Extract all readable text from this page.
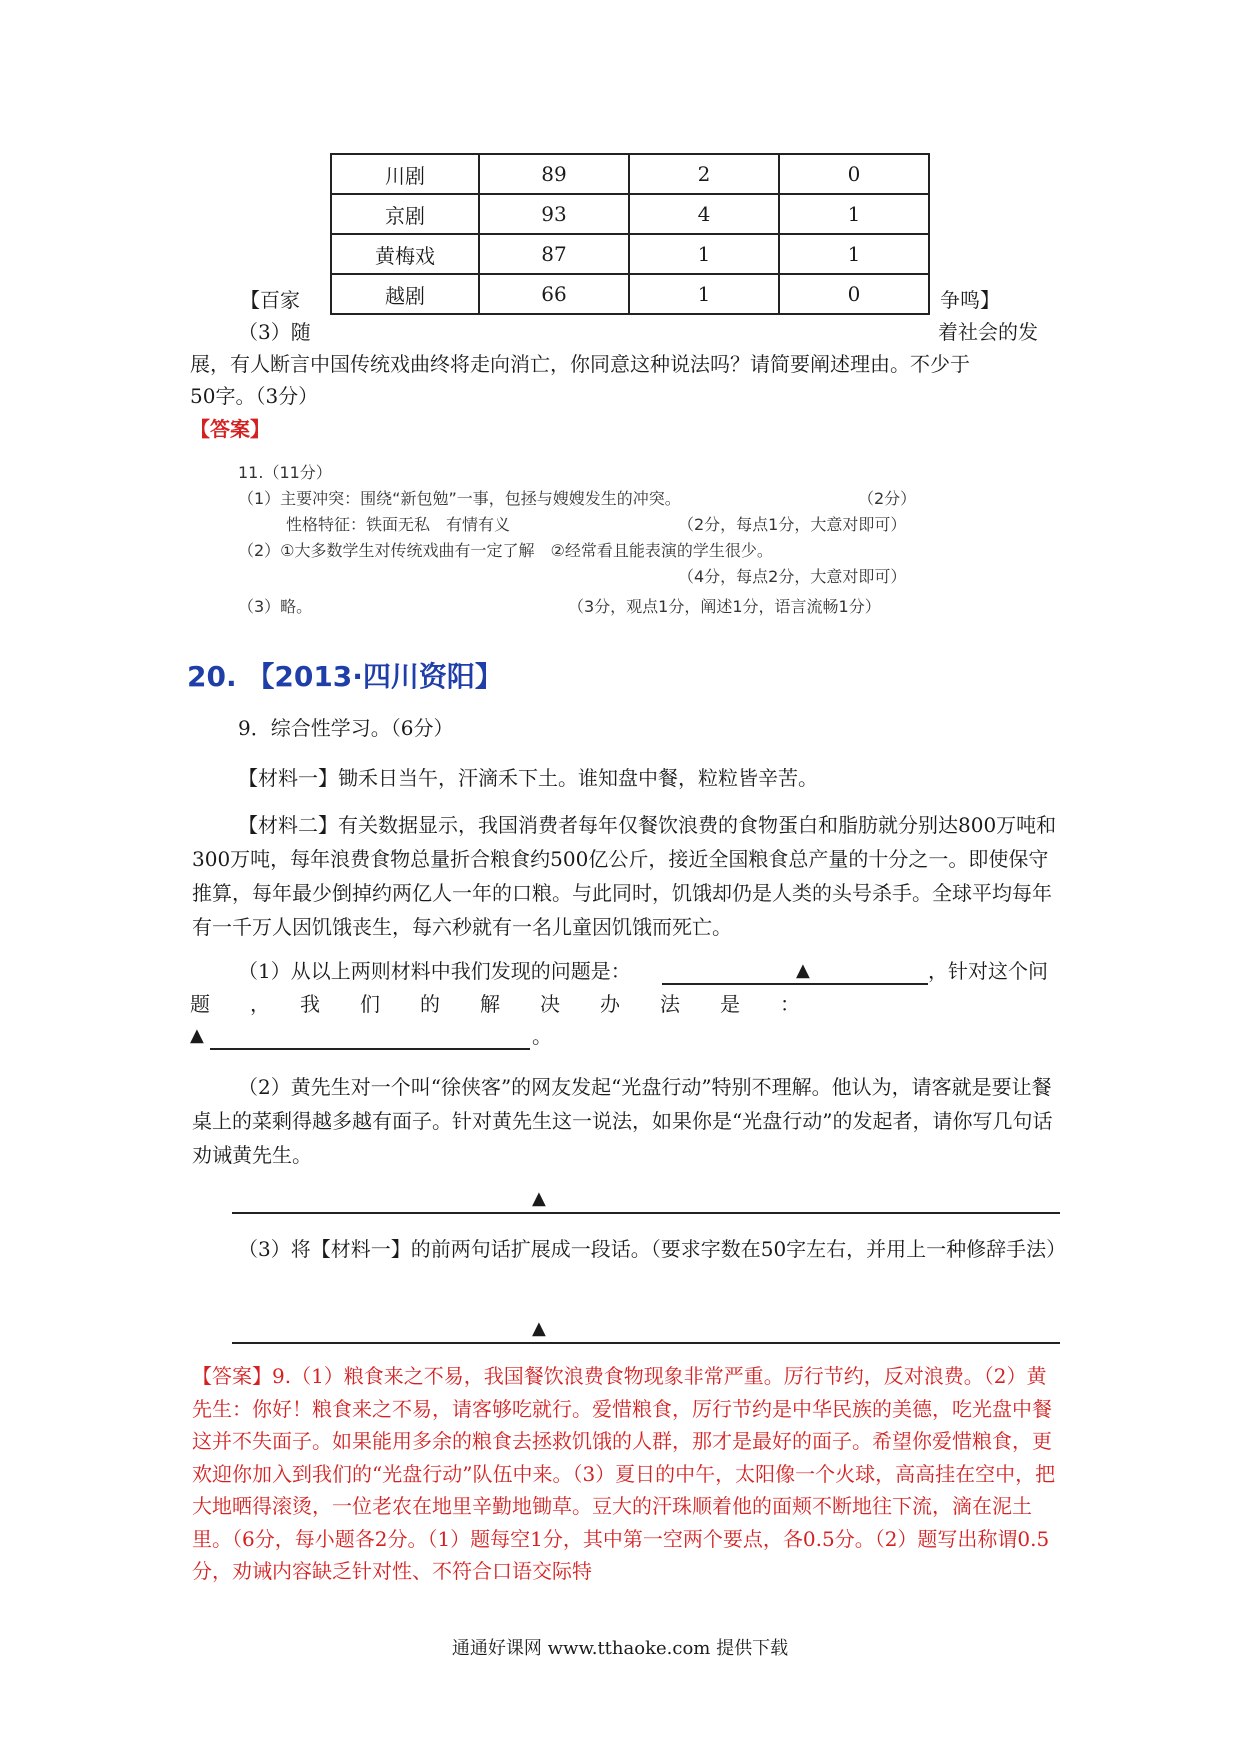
川剧	89	2	0
京剧	93	4	1
黄梅戏	87	1	1
越剧	66	1	0
【百家	争鸣】
（3）随	着社会的发
展，有人断言中国传统戏曲终将走向消亡，你同意这种说法吗？请简要阐述理由。不少于
50字。（3分）
【答案】
11.（11分）
（1）主要冲突：围绕“新包勉”一事，包拯与嫂嫂发生的冲突。	（2分）
性格特征：铁面无私　有情有义	（2分，每点1分，大意对即可）
（2）①大多数学生对传统戏曲有一定了解　②经常看且能表演的学生很少。
（4分，每点2分，大意对即可）
（3）略。	（3分，观点1分，阐述1分，语言流畅1分）
20. 【2013·四川资阳】
9．综合性学习。（6分）
【材料一】锄禾日当午，汗滴禾下土。谁知盘中餐，粒粒皆辛苦。
【材料二】有关数据显示，我国消费者每年仅餐饮浪费的食物蛋白和脂肪就分别达800万吨和300万吨，每年浪费食物总量折合粮食约500亿公斤，接近全国粮食总产量的十分之一。即使保守推算，每年最少倒掉约两亿人一年的口粮。与此同时，饥饿却仍是人类的头号杀手。全球平均每年有一千万人因饥饿丧生，每六秒就有一名儿童因饥饿而死亡。
（1）从以上两则材料中我们发现的问题是：	▲	，针对这个问
题　　，　　我　　们　　的　　解　　决　　办　　法　　是　　：
▲	。
（2）黄先生对一个叫“徐侠客”的网友发起“光盘行动”特别不理解。他认为，请客就是要让餐桌上的菜剩得越多越有面子。针对黄先生这一说法，如果你是“光盘行动”的发起者，请你写几句话劝诫黄先生。
▲
（3）将【材料一】的前两句话扩展成一段话。（要求字数在50字左右，并用上一种修辞手法）
▲
【答案】9.（1）粮食来之不易，我国餐饮浪费食物现象非常严重。厉行节约，反对浪费。（2）黄先生：你好！粮食来之不易，请客够吃就行。爱惜粮食，厉行节约是中华民族的美德，吃光盘中餐这并不失面子。如果能用多余的粮食去拯救饥饿的人群，那才是最好的面子。希望你爱惜粮食，更欢迎你加入到我们的“光盘行动”队伍中来。（3）夏日的中午，太阳像一个火球，高高挂在空中，把大地晒得滚烫，一位老农在地里辛勤地锄草。豆大的汗珠顺着他的面颊不断地往下流，滴在泥土里。（6分，每小题各2分。（1）题每空1分，其中第一空两个要点，各0.5分。（2）题写出称谓0.5分，劝诫内容缺乏针对性、不符合口语交际特
通通好课网 www.tthaoke.com 提供下载
